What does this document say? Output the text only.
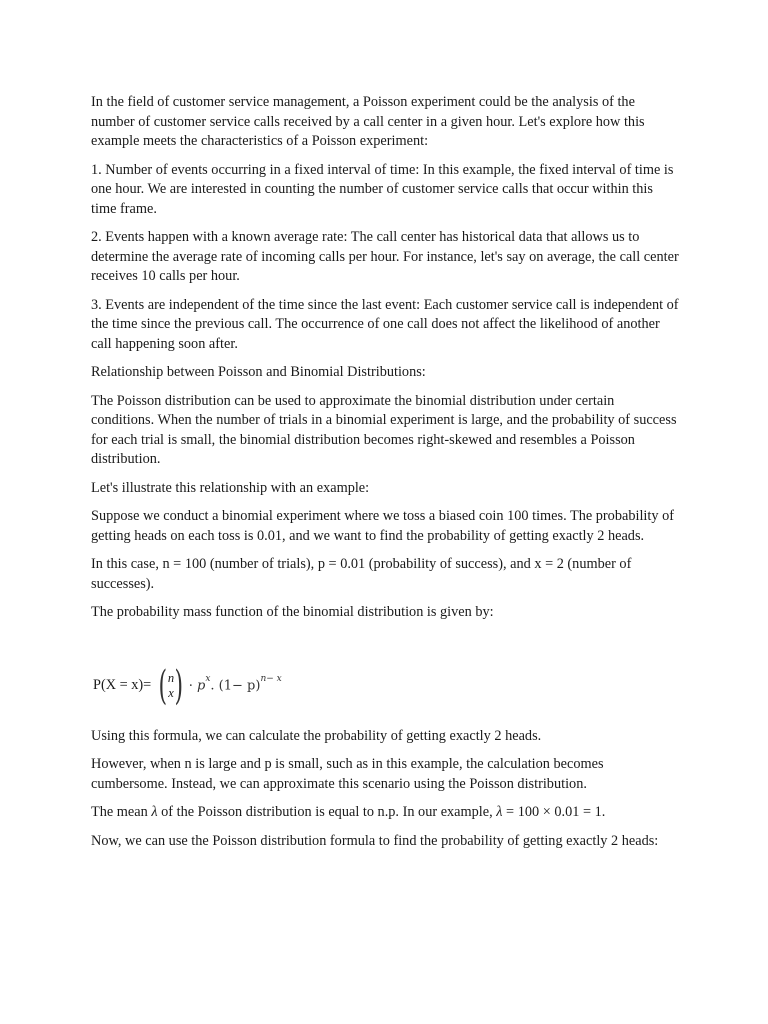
In the field of customer service management, a Poisson experiment could be the analysis of the number of customer service calls received by a call center in a given hour. Let's explore how this example meets the characteristics of a Poisson experiment:

1. Number of events occurring in a fixed interval of time: In this example, the fixed interval of time is one hour. We are interested in counting the number of customer service calls that occur within this time frame.

2. Events happen with a known average rate: The call center has historical data that allows us to determine the average rate of incoming calls per hour. For instance, let's say on average, the call center receives 10 calls per hour.

3. Events are independent of the time since the last event: Each customer service call is independent of the time since the previous call. The occurrence of one call does not affect the likelihood of another call happening soon after.

Relationship between Poisson and Binomial Distributions:

The Poisson distribution can be used to approximate the binomial distribution under certain conditions. When the number of trials in a binomial experiment is large, and the probability of success for each trial is small, the binomial distribution becomes right-skewed and resembles a Poisson distribution.

Let's illustrate this relationship with an example:

Suppose we conduct a binomial experiment where we toss a biased coin 100 times. The probability of getting heads on each toss is 0.01, and we want to find the probability of getting exactly 2 heads.

In this case, n = 100 (number of trials), p = 0.01 (probability of success), and x = 2 (number of successes).

The probability mass function of the binomial distribution is given by:

P(X = x)= ( n
x ) · $p^x$. $(1- p)^{n- x}$

Using this formula, we can calculate the probability of getting exactly 2 heads.

However, when n is large and p is small, such as in this example, the calculation becomes cumbersome. Instead, we can approximate this scenario using the Poisson distribution.

The mean λ of the Poisson distribution is equal to n.p. In our example, λ = 100 × 0.01 = 1.

Now, we can use the Poisson distribution formula to find the probability of getting exactly 2 heads:
